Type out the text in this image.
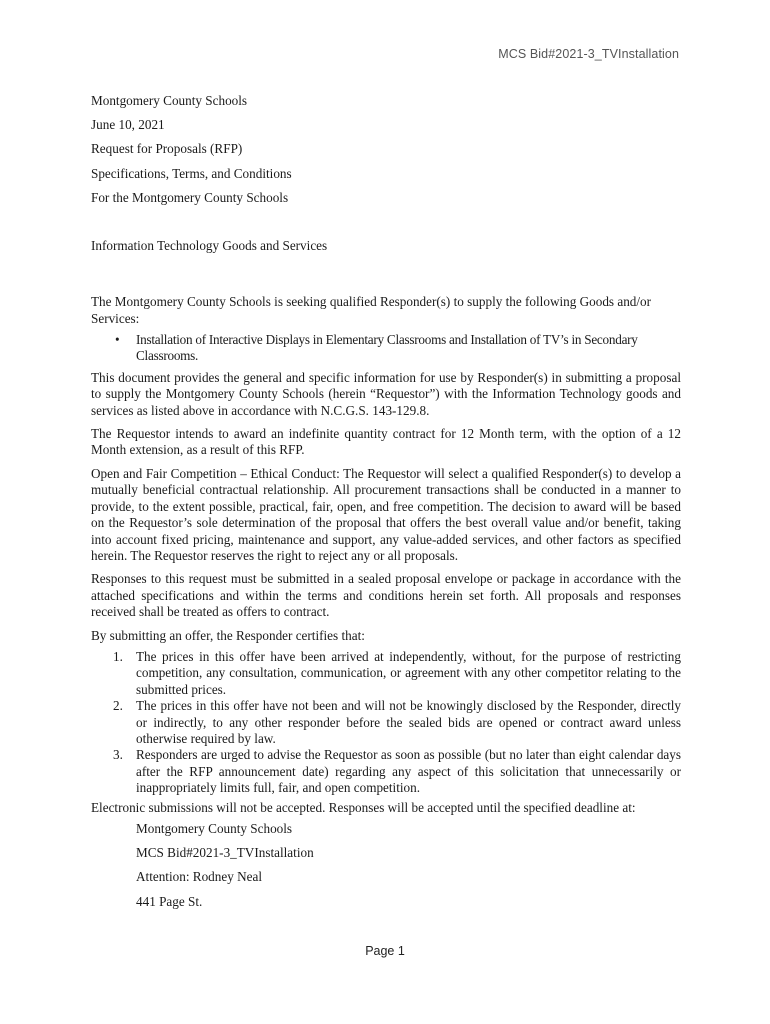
MCS Bid#2021-3_TVInstallation
Montgomery County Schools
June 10, 2021
Request for Proposals (RFP)
Specifications, Terms, and Conditions
For the Montgomery County Schools
Information Technology Goods and Services

The Montgomery County Schools is seeking qualified Responder(s) to supply the following Goods and/or Services:

• Installation of Interactive Displays in Elementary Classrooms and Installation of TV’s in Secondary Classrooms.

This document provides the general and specific information for use by Responder(s) in submitting a proposal to supply the Montgomery County Schools (herein “Requestor”) with the Information Technology goods and services as listed above in accordance with N.C.G.S. 143-129.8.

The Requestor intends to award an indefinite quantity contract for 12 Month term, with the option of a 12 Month extension, as a result of this RFP.

Open and Fair Competition – Ethical Conduct: The Requestor will select a qualified Responder(s) to develop a mutually beneficial contractual relationship. All procurement transactions shall be conducted in a manner to provide, to the extent possible, practical, fair, open, and free competition. The decision to award will be based on the Requestor’s sole determination of the proposal that offers the best overall value and/or benefit, taking into account fixed pricing, maintenance and support, any value-added services, and other factors as specified herein. The Requestor reserves the right to reject any or all proposals.

Responses to this request must be submitted in a sealed proposal envelope or package in accordance with the attached specifications and within the terms and conditions herein set forth. All proposals and responses received shall be treated as offers to contract.

By submitting an offer, the Responder certifies that:

1. The prices in this offer have been arrived at independently, without, for the purpose of restricting competition, any consultation, communication, or agreement with any other competitor relating to the submitted prices.
2. The prices in this offer have not been and will not be knowingly disclosed by the Responder, directly or indirectly, to any other responder before the sealed bids are opened or contract award unless otherwise required by law.
3. Responders are urged to advise the Requestor as soon as possible (but no later than eight calendar days after the RFP announcement date) regarding any aspect of this solicitation that unnecessarily or inappropriately limits full, fair, and open competition.

Electronic submissions will not be accepted. Responses will be accepted until the specified deadline at:

Montgomery County Schools
MCS Bid#2021-3_TVInstallation
Attention: Rodney Neal
441 Page St.
Page 1
